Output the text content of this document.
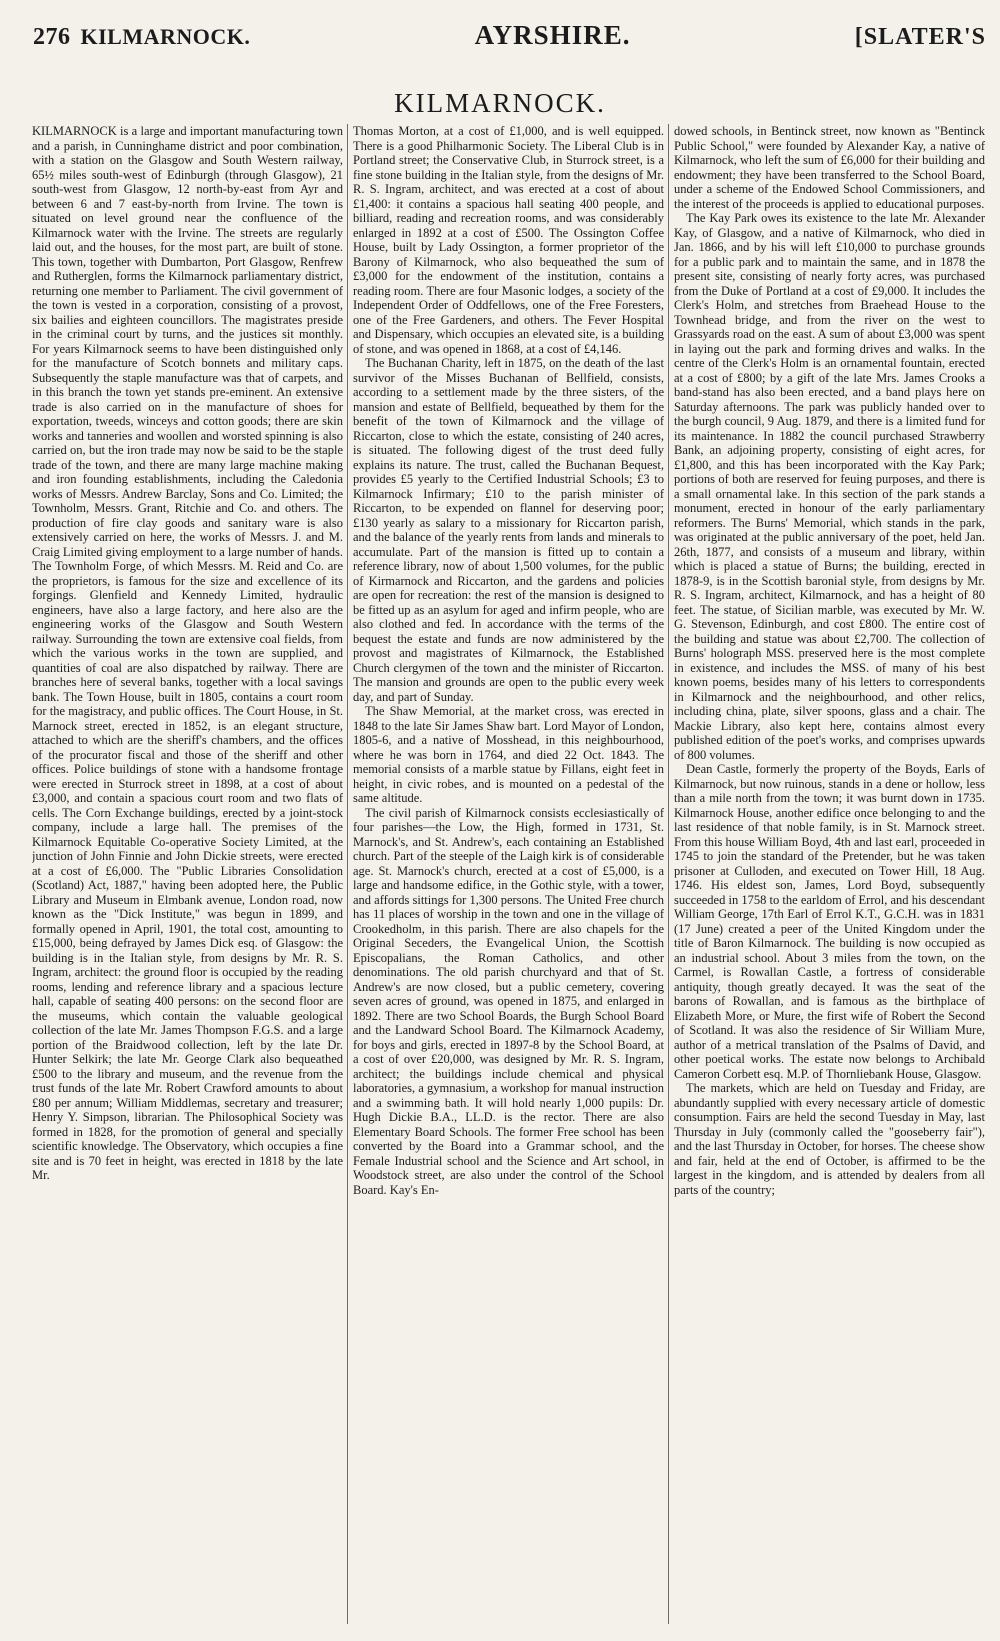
276 KILMARNOCK.	AYRSHIRE.	[SLATER'S
KILMARNOCK.

KILMARNOCK is a large and important manufacturing town and a parish, in Cunninghame district and poor combination, with a station on the Glasgow and South Western railway, 65½ miles south-west of Edinburgh (through Glasgow), 21 south-west from Glasgow, 12 north-by-east from Ayr and between 6 and 7 east-by-north from Irvine. The town is situated on level ground near the confluence of the Kilmarnock water with the Irvine. The streets are regularly laid out, and the houses, for the most part, are built of stone. This town, together with Dumbarton, Port Glasgow, Renfrew and Rutherglen, forms the Kilmarnock parliamentary district, returning one member to Parliament. The civil government of the town is vested in a corporation, consisting of a provost, six bailies and eighteen councillors. The magistrates preside in the criminal court by turns, and the justices sit monthly. For years Kilmarnock seems to have been distinguished only for the manufacture of Scotch bonnets and military caps. Subsequently the staple manufacture was that of carpets, and in this branch the town yet stands pre-eminent. An extensive trade is also carried on in the manufacture of shoes for exportation, tweeds, winceys and cotton goods; there are skin works and tanneries and woollen and worsted spinning is also carried on, but the iron trade may now be said to be the staple trade of the town, and there are many large machine making and iron founding establishments, including the Caledonia works of Messrs. Andrew Barclay, Sons and Co. Limited; the Townholm, Messrs. Grant, Ritchie and Co. and others. The production of fire clay goods and sanitary ware is also extensively carried on here, the works of Messrs. J. and M. Craig Limited giving employment to a large number of hands. The Townholm Forge, of which Messrs. M. Reid and Co. are the proprietors, is famous for the size and excellence of its forgings. Glenfield and Kennedy Limited, hydraulic engineers, have also a large factory, and here also are the engineering works of the Glasgow and South Western railway. Surrounding the town are extensive coal fields, from which the various works in the town are supplied, and quantities of coal are also dispatched by railway. There are branches here of several banks, together with a local savings bank. The Town House, built in 1805, contains a court room for the magistracy, and public offices. The Court House, in St. Marnock street, erected in 1852, is an elegant structure, attached to which are the sheriff's chambers, and the offices of the procurator fiscal and those of the sheriff and other offices. Police buildings of stone with a handsome frontage were erected in Sturrock street in 1898, at a cost of about £3,000, and contain a spacious court room and two flats of cells. The Corn Exchange buildings, erected by a joint-stock company, include a large hall. The premises of the Kilmarnock Equitable Co-operative Society Limited, at the junction of John Finnie and John Dickie streets, were erected at a cost of £6,000. The "Public Libraries Consolidation (Scotland) Act, 1887," having been adopted here, the Public Library and Museum in Elmbank avenue, London road, now known as the "Dick Institute," was begun in 1899, and formally opened in April, 1901, the total cost, amounting to £15,000, being defrayed by James Dick esq. of Glasgow: the building is in the Italian style, from designs by Mr. R. S. Ingram, architect: the ground floor is occupied by the reading rooms, lending and reference library and a spacious lecture hall, capable of seating 400 persons: on the second floor are the museums, which contain the valuable geological collection of the late Mr. James Thompson F.G.S. and a large portion of the Braidwood collection, left by the late Dr. Hunter Selkirk; the late Mr. George Clark also bequeathed £500 to the library and museum, and the revenue from the trust funds of the late Mr. Robert Crawford amounts to about £80 per annum; William Middlemas, secretary and treasurer; Henry Y. Simpson, librarian. The Philosophical Society was formed in 1828, for the promotion of general and specially scientific knowledge. The Observatory, which occupies a fine site and is 70 feet in height, was erected in 1818 by the late Mr.

Thomas Morton, at a cost of £1,000, and is well equipped. There is a good Philharmonic Society. The Liberal Club is in Portland street; the Conservative Club, in Sturrock street, is a fine stone building in the Italian style, from the designs of Mr. R. S. Ingram, architect, and was erected at a cost of about £1,400: it contains a spacious hall seating 400 people, and billiard, reading and recreation rooms, and was considerably enlarged in 1892 at a cost of £500. The Ossington Coffee House, built by Lady Ossington, a former proprietor of the Barony of Kilmarnock, who also bequeathed the sum of £3,000 for the endowment of the institution, contains a reading room. There are four Masonic lodges, a society of the Independent Order of Oddfellows, one of the Free Foresters, one of the Free Gardeners, and others. The Fever Hospital and Dispensary, which occupies an elevated site, is a building of stone, and was opened in 1868, at a cost of £4,146.

The Buchanan Charity, left in 1875, on the death of the last survivor of the Misses Buchanan of Bellfield, consists, according to a settlement made by the three sisters, of the mansion and estate of Bellfield, bequeathed by them for the benefit of the town of Kilmarnock and the village of Riccarton, close to which the estate, consisting of 240 acres, is situated. The following digest of the trust deed fully explains its nature. The trust, called the Buchanan Bequest, provides £5 yearly to the Certified Industrial Schools; £3 to Kilmarnock Infirmary; £10 to the parish minister of Riccarton, to be expended on flannel for deserving poor; £130 yearly as salary to a missionary for Riccarton parish, and the balance of the yearly rents from lands and minerals to accumulate. Part of the mansion is fitted up to contain a reference library, now of about 1,500 volumes, for the public of Kirmarnock and Riccarton, and the gardens and policies are open for recreation: the rest of the mansion is designed to be fitted up as an asylum for aged and infirm people, who are also clothed and fed. In accordance with the terms of the bequest the estate and funds are now administered by the provost and magistrates of Kilmarnock, the Established Church clergymen of the town and the minister of Riccarton. The mansion and grounds are open to the public every week day, and part of Sunday.

The Shaw Memorial, at the market cross, was erected in 1848 to the late Sir James Shaw bart. Lord Mayor of London, 1805-6, and a native of Mosshead, in this neighbourhood, where he was born in 1764, and died 22 Oct. 1843. The memorial consists of a marble statue by Fillans, eight feet in height, in civic robes, and is mounted on a pedestal of the same altitude.

The civil parish of Kilmarnock consists ecclesiastically of four parishes—the Low, the High, formed in 1731, St. Marnock's, and St. Andrew's, each containing an Established church. Part of the steeple of the Laigh kirk is of considerable age. St. Marnock's church, erected at a cost of £5,000, is a large and handsome edifice, in the Gothic style, with a tower, and affords sittings for 1,300 persons. The United Free church has 11 places of worship in the town and one in the village of Crookedholm, in this parish. There are also chapels for the Original Seceders, the Evangelical Union, the Scottish Episcopalians, the Roman Catholics, and other denominations. The old parish churchyard and that of St. Andrew's are now closed, but a public cemetery, covering seven acres of ground, was opened in 1875, and enlarged in 1892. There are two School Boards, the Burgh School Board and the Landward School Board. The Kilmarnock Academy, for boys and girls, erected in 1897-8 by the School Board, at a cost of over £20,000, was designed by Mr. R. S. Ingram, architect; the buildings include chemical and physical laboratories, a gymnasium, a workshop for manual instruction and a swimming bath. It will hold nearly 1,000 pupils: Dr. Hugh Dickie B.A., LL.D. is the rector. There are also Elementary Board Schools. The former Free school has been converted by the Board into a Grammar school, and the Female Industrial school and the Science and Art school, in Woodstock street, are also under the control of the School Board. Kay's En-

dowed schools, in Bentinck street, now known as "Bentinck Public School," were founded by Alexander Kay, a native of Kilmarnock, who left the sum of £6,000 for their building and endowment; they have been transferred to the School Board, under a scheme of the Endowed School Commissioners, and the interest of the proceeds is applied to educational purposes.

The Kay Park owes its existence to the late Mr. Alexander Kay, of Glasgow, and a native of Kilmarnock, who died in Jan. 1866, and by his will left £10,000 to purchase grounds for a public park and to maintain the same, and in 1878 the present site, consisting of nearly forty acres, was purchased from the Duke of Portland at a cost of £9,000. It includes the Clerk's Holm, and stretches from Braehead House to the Townhead bridge, and from the river on the west to Grassyards road on the east. A sum of about £3,000 was spent in laying out the park and forming drives and walks. In the centre of the Clerk's Holm is an ornamental fountain, erected at a cost of £800; by a gift of the late Mrs. James Crooks a band-stand has also been erected, and a band plays here on Saturday afternoons. The park was publicly handed over to the burgh council, 9 Aug. 1879, and there is a limited fund for its maintenance. In 1882 the council purchased Strawberry Bank, an adjoining property, consisting of eight acres, for £1,800, and this has been incorporated with the Kay Park; portions of both are reserved for feuing purposes, and there is a small ornamental lake. In this section of the park stands a monument, erected in honour of the early parliamentary reformers. The Burns' Memorial, which stands in the park, was originated at the public anniversary of the poet, held Jan. 26th, 1877, and consists of a museum and library, within which is placed a statue of Burns; the building, erected in 1878-9, is in the Scottish baronial style, from designs by Mr. R. S. Ingram, architect, Kilmarnock, and has a height of 80 feet. The statue, of Sicilian marble, was executed by Mr. W. G. Stevenson, Edinburgh, and cost £800. The entire cost of the building and statue was about £2,700. The collection of Burns' holograph MSS. preserved here is the most complete in existence, and includes the MSS. of many of his best known poems, besides many of his letters to correspondents in Kilmarnock and the neighbourhood, and other relics, including china, plate, silver spoons, glass and a chair. The Mackie Library, also kept here, contains almost every published edition of the poet's works, and comprises upwards of 800 volumes.

Dean Castle, formerly the property of the Boyds, Earls of Kilmarnock, but now ruinous, stands in a dene or hollow, less than a mile north from the town; it was burnt down in 1735. Kilmarnock House, another edifice once belonging to and the last residence of that noble family, is in St. Marnock street. From this house William Boyd, 4th and last earl, proceeded in 1745 to join the standard of the Pretender, but he was taken prisoner at Culloden, and executed on Tower Hill, 18 Aug. 1746. His eldest son, James, Lord Boyd, subsequently succeeded in 1758 to the earldom of Errol, and his descendant William George, 17th Earl of Errol K.T., G.C.H. was in 1831 (17 June) created a peer of the United Kingdom under the title of Baron Kilmarnock. The building is now occupied as an industrial school. About 3 miles from the town, on the Carmel, is Rowallan Castle, a fortress of considerable antiquity, though greatly decayed. It was the seat of the barons of Rowallan, and is famous as the birthplace of Elizabeth More, or Mure, the first wife of Robert the Second of Scotland. It was also the residence of Sir William Mure, author of a metrical translation of the Psalms of David, and other poetical works. The estate now belongs to Archibald Cameron Corbett esq. M.P. of Thornliebank House, Glasgow.

The markets, which are held on Tuesday and Friday, are abundantly supplied with every necessary article of domestic consumption. Fairs are held the second Tuesday in May, last Thursday in July (commonly called the "gooseberry fair"), and the last Thursday in October, for horses. The cheese show and fair, held at the end of October, is affirmed to be the largest in the kingdom, and is attended by dealers from all parts of the country;
